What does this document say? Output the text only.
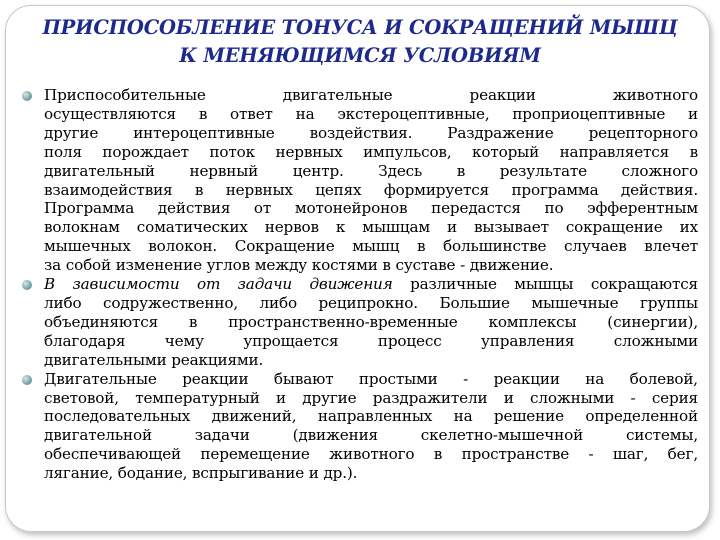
ПРИСПОСОБЛЕНИЕ ТОНУСА И СОКРАЩЕНИЙ МЫШЦ
К МЕНЯЮЩИМСЯ УСЛОВИЯМ
Приспособительные двигательные реакции животного
осуществляются в ответ на экстероцептивные, проприоцептивные и
другие интероцептивные воздействия. Раздражение рецепторного
поля порождает поток нервных импульсов, который направляется в
двигательный нервный центр. Здесь в результате сложного
взаимодействия в нервных цепях формируется программа действия.
Программа действия от мотонейронов передастся по эфферентным
волокнам соматических нервов к мышцам и вызывает сокращение их
мышечных волокон. Сокращение мышц в большинстве случаев влечет
за собой изменение углов между костями в суставе - движение.
В зависимости от задачи движения различные мышцы сокращаются
либо содружественно, либо реципрокно. Большие мышечные группы
объединяются в пространственно-временные комплексы (синергии),
благодаря чему упрощается процесс управления сложными
двигательными реакциями.
Двигательные реакции бывают простыми - реакции на болевой,
световой, температурный и другие раздражители и сложными - серия
последовательных движений, направленных на решение определенной
двигательной задачи (движения скелетно-мышечной системы,
обеспечивающей перемещение животного в пространстве - шаг, бег,
лягание, бодание, вспрыгивание и др.).
